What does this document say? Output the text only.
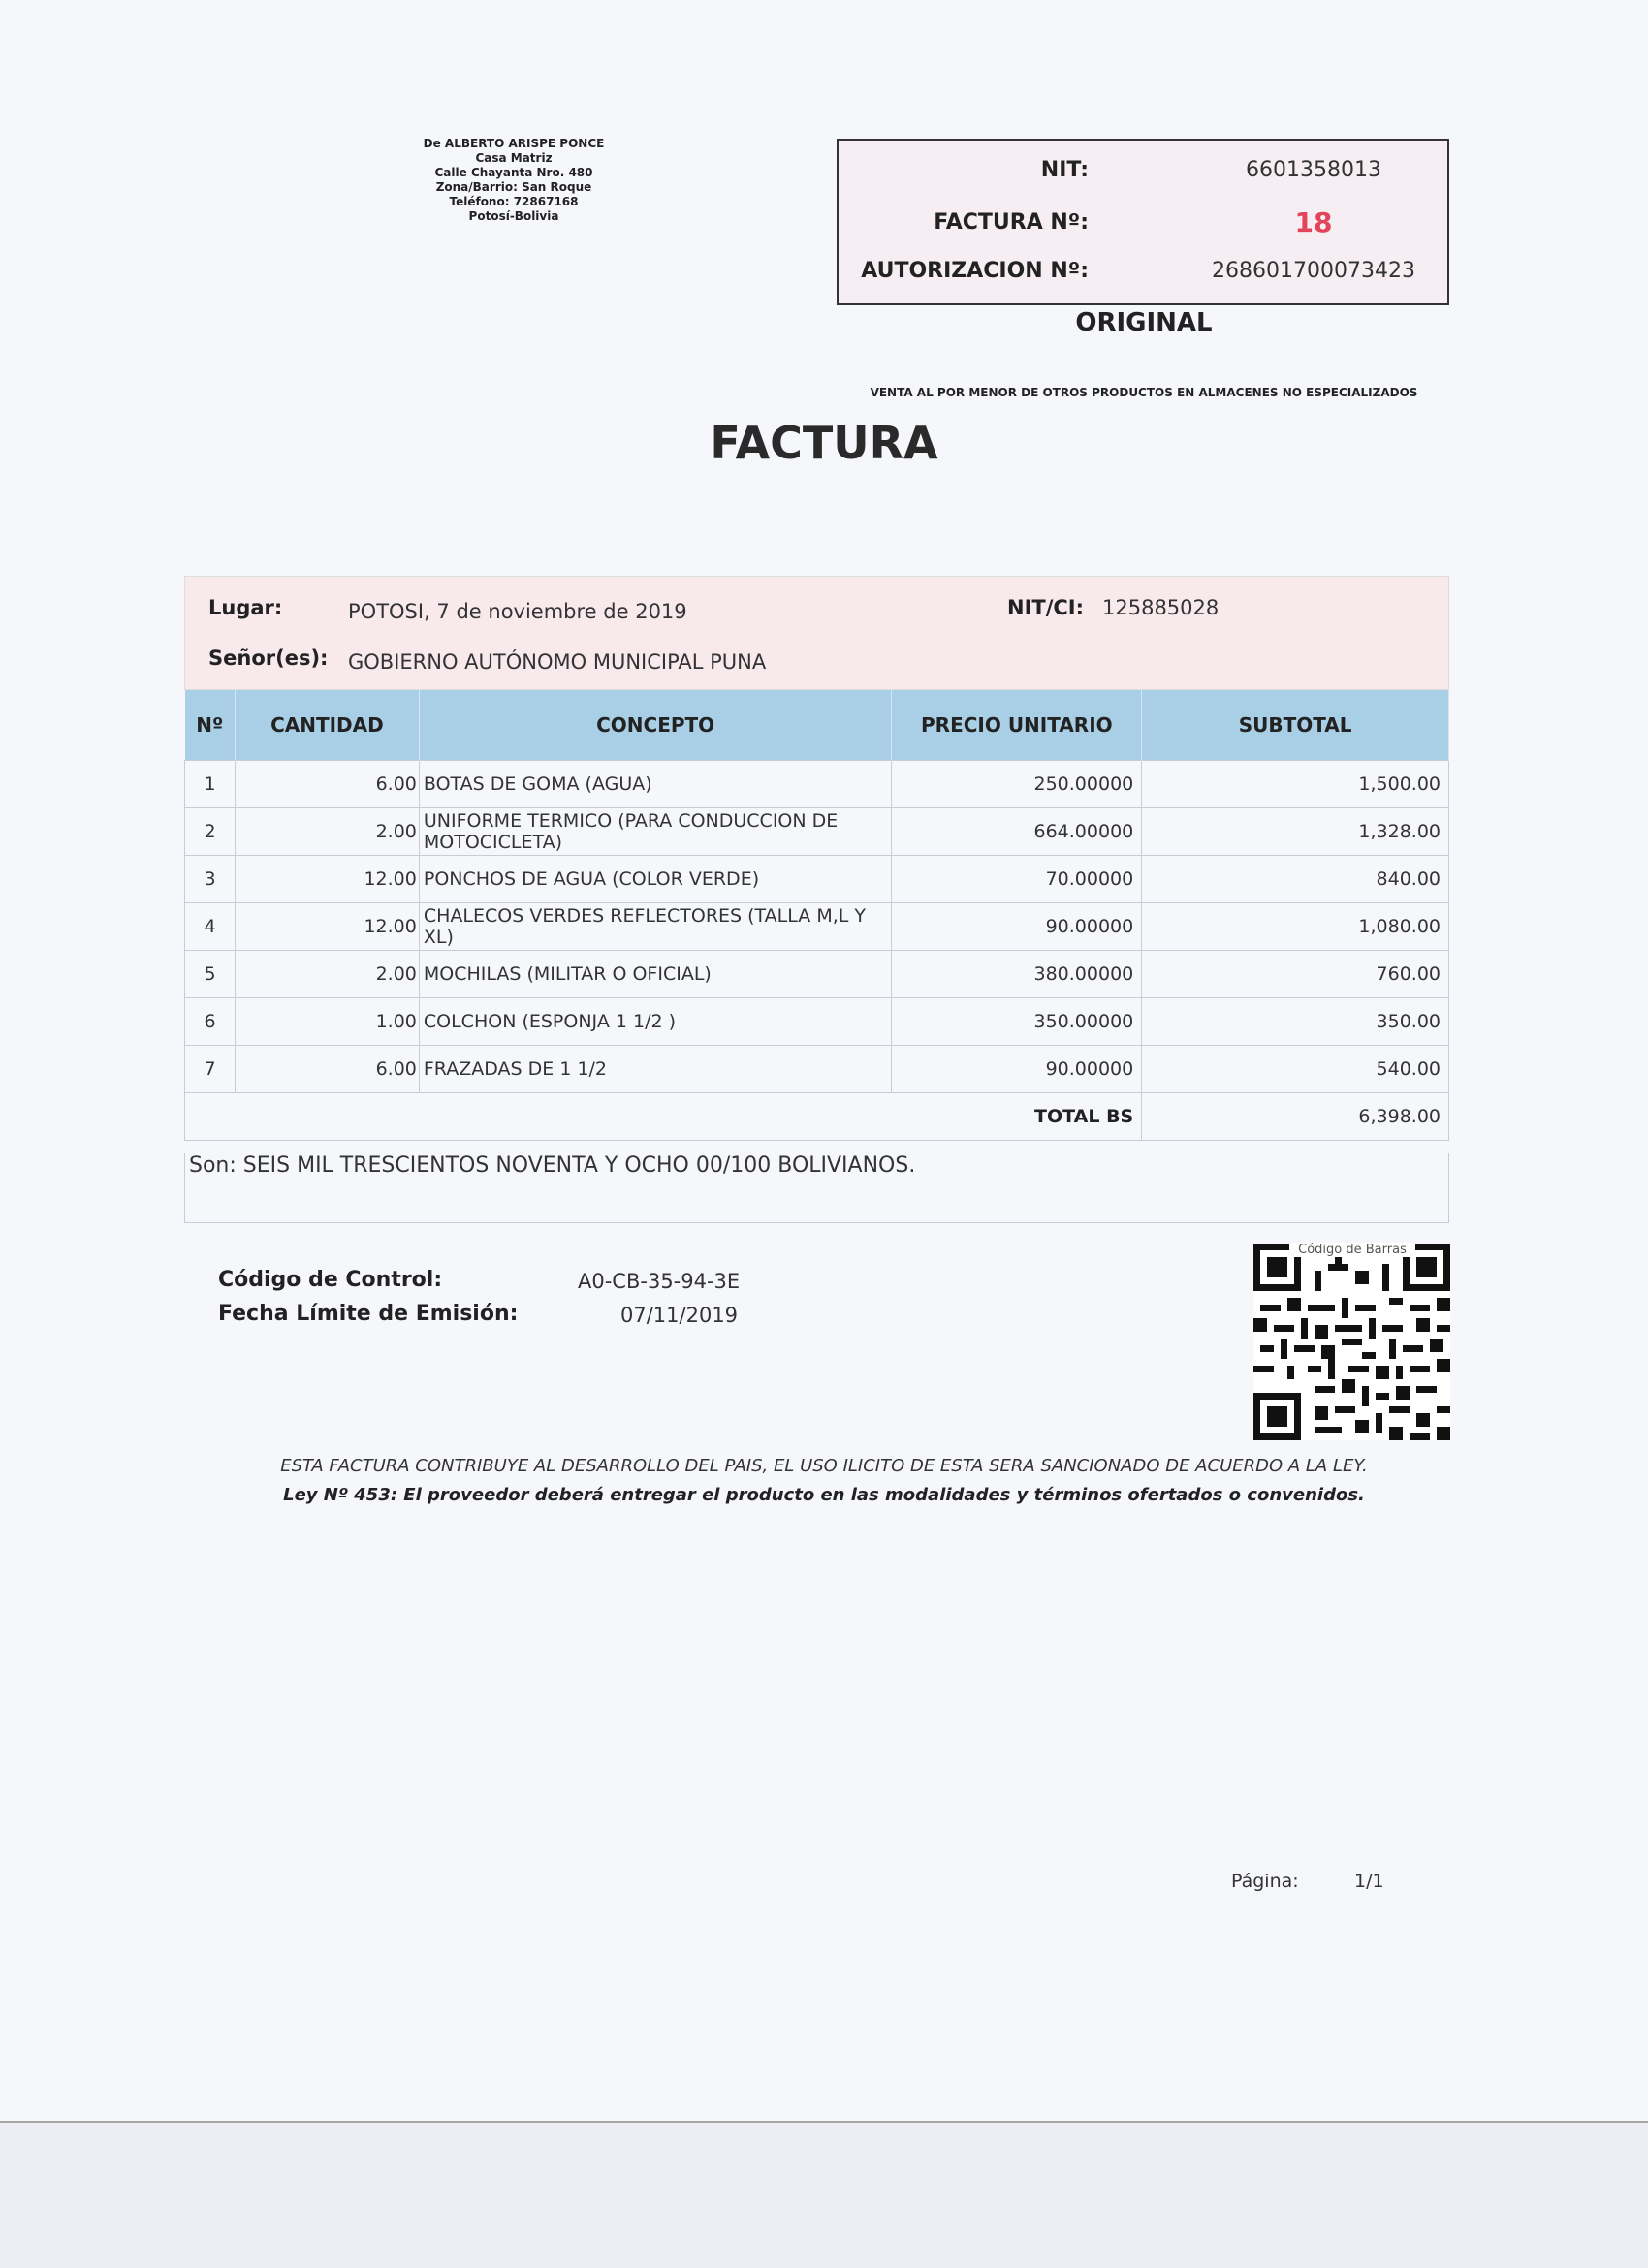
De ALBERTO ARISPE PONCE
Casa Matriz
Calle Chayanta Nro. 480
Zona/Barrio: San Roque
Teléfono: 72867168
Potosí-Bolivia
NIT:	6601358013
FACTURA Nº:	18
AUTORIZACION Nº:	268601700073423
ORIGINAL
VENTA AL POR MENOR DE OTROS PRODUCTOS EN ALMACENES NO ESPECIALIZADOS
FACTURA
Lugar:	POTOSI, 7 de noviembre de 2019	NIT/CI: 125885028
Señor(es): GOBIERNO AUTÓNOMO MUNICIPAL PUNA
Nº	CANTIDAD	CONCEPTO	PRECIO UNITARIO	SUBTOTAL
1	6.00	BOTAS DE GOMA (AGUA)	250.00000	1,500.00
2	2.00	UNIFORME TERMICO (PARA CONDUCCION DE MOTOCICLETA)	664.00000	1,328.00
3	12.00	PONCHOS DE AGUA (COLOR VERDE)	70.00000	840.00
4	12.00	CHALECOS VERDES REFLECTORES (TALLA M,L Y XL)	90.00000	1,080.00
5	2.00	MOCHILAS (MILITAR O OFICIAL)	380.00000	760.00
6	1.00	COLCHON (ESPONJA 1 1/2 )	350.00000	350.00
7	6.00	FRAZADAS DE 1 1/2	90.00000	540.00
			TOTAL BS	6,398.00
Son: SEIS MIL TRESCIENTOS NOVENTA Y OCHO 00/100 BOLIVIANOS.
Código de Control:	A0-CB-35-94-3E
Fecha Límite de Emisión:	07/11/2019
Código de Barras
ESTA FACTURA CONTRIBUYE AL DESARROLLO DEL PAIS, EL USO ILICITO DE ESTA SERA SANCIONADO DE ACUERDO A LA LEY.
Ley Nº 453: El proveedor deberá entregar el producto en las modalidades y términos ofertados o convenidos.
Página:	1/1
